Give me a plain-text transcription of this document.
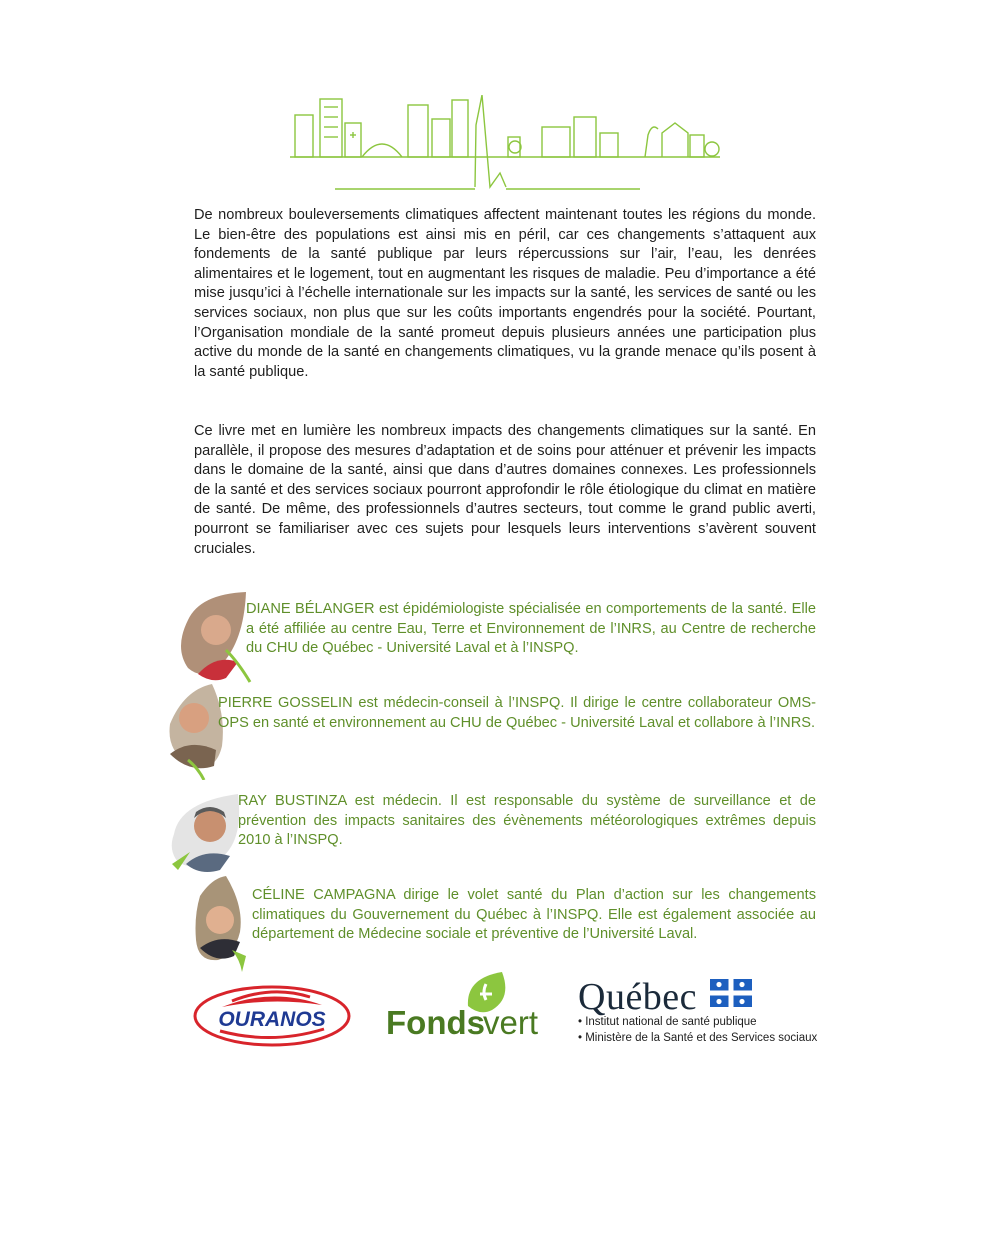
De nombreux bouleversements climatiques affectent maintenant toutes les régions du monde. Le bien-être des populations est ainsi mis en péril, car ces changements s’attaquent aux fondements de la santé publique par leurs répercussions sur l’air, l’eau, les denrées alimentaires et le logement, tout en augmentant les risques de maladie. Peu d’importance a été mise jusqu’ici à l’échelle internationale sur les impacts sur la santé, les services de santé ou les services sociaux, non plus que sur les coûts importants engendrés pour la société. Pourtant, l’Organisation mondiale de la santé promeut depuis plusieurs années une participation plus active du monde de la santé en changements climatiques, vu la grande menace qu’ils posent à la santé publique.

Ce livre met en lumière les nombreux impacts des changements climatiques sur la santé. En parallèle, il propose des mesures d’adaptation et de soins pour atténuer et prévenir les impacts dans le domaine de la santé, ainsi que dans d’autres domaines connexes. Les professionnels de la santé et des services sociaux pourront approfondir le rôle étiologique du climat en matière de santé. De même, des professionnels d’autres secteurs, tout comme le grand public averti, pourront se familiariser avec ces sujets pour lesquels leurs interventions s’avèrent souvent cruciales.

DIANE BÉLANGER est épidémiologiste spécialisée en comportements de la santé. Elle a été affiliée au centre Eau, Terre et Environnement de l’INRS, au Centre de recherche du CHU de Québec - Université Laval et à l’INSPQ.

PIERRE GOSSELIN est médecin-conseil à l’INSPQ. Il dirige le centre collaborateur OMS-OPS en santé et environnement au CHU de Québec - Université Laval et collabore à l’INRS.

RAY BUSTINZA est médecin. Il est responsable du système de surveillance et de prévention des impacts sanitaires des évènements météorologiques extrêmes depuis 2010 à l’INSPQ.

CÉLINE CAMPAGNA dirige le volet santé du Plan d’action sur les changements climatiques du Gouvernement du Québec à l’INSPQ. Elle est également associée au département de Médecine sociale et préventive de l’Université Laval.

OURANOS Fonds
vert
Québec
• Institut national de santé publique
• Ministère de la Santé et des Services sociaux
